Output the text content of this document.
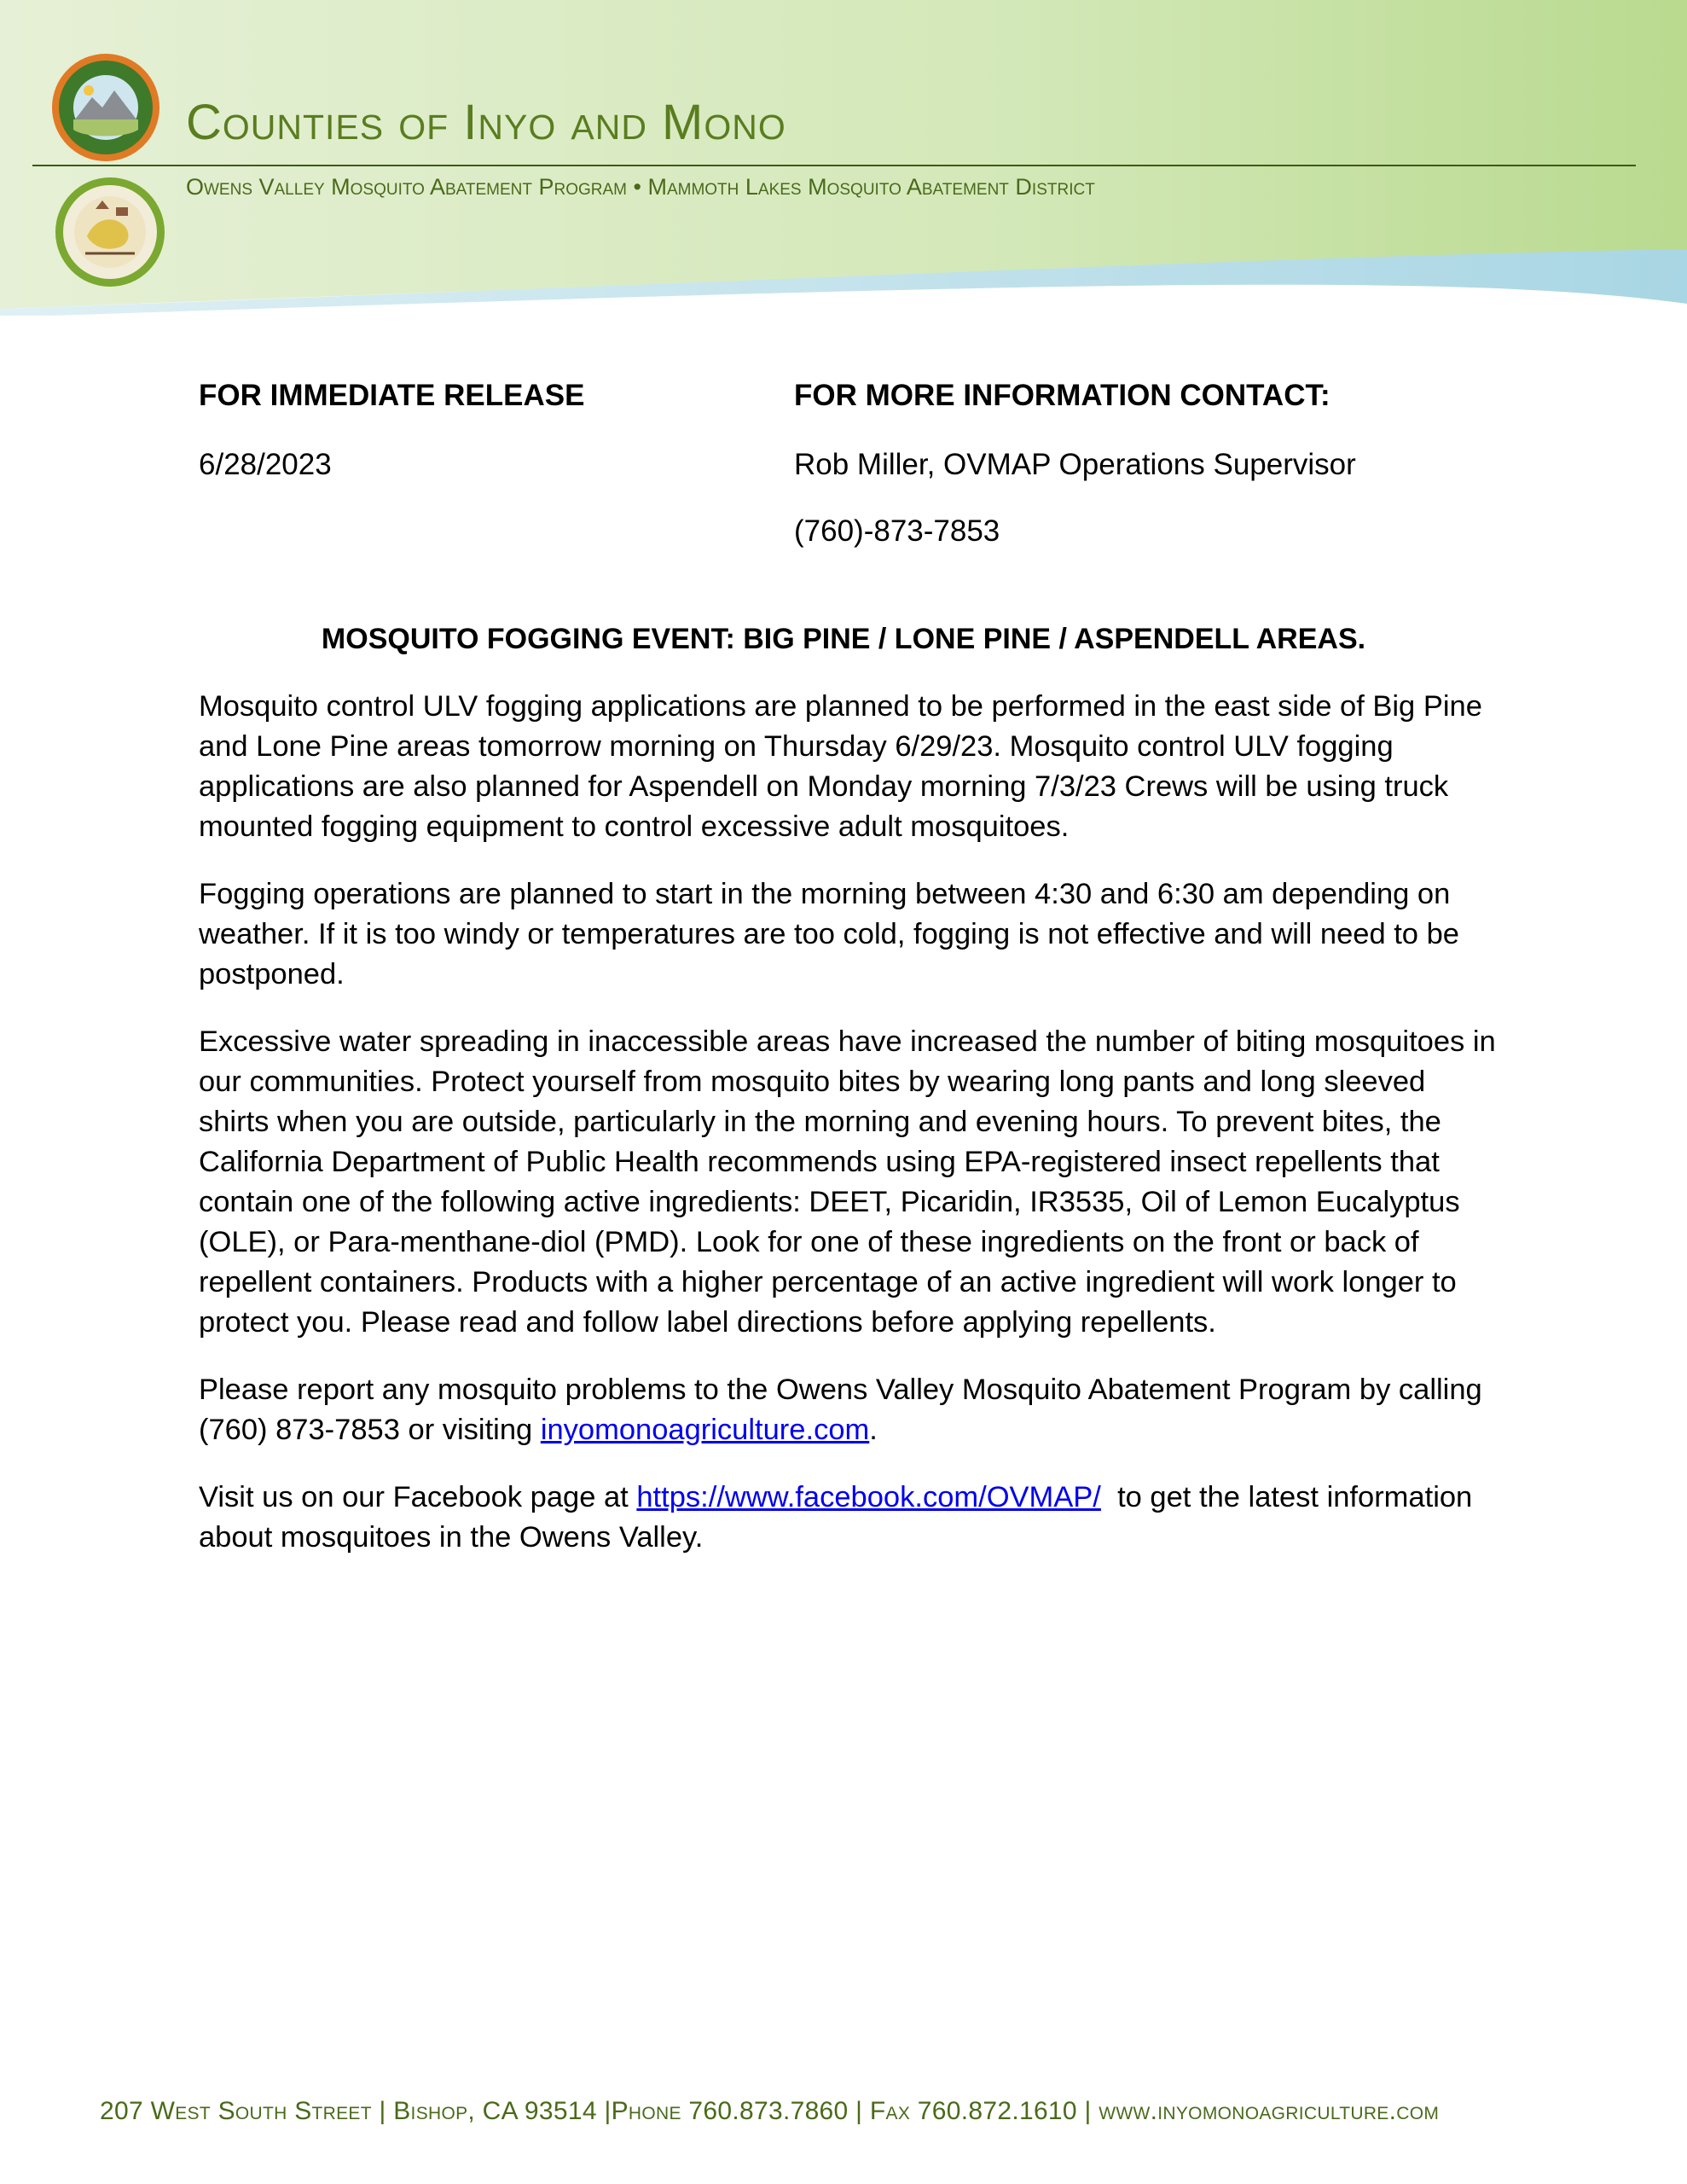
Counties of Inyo and Mono

Owens Valley Mosquito Abatement Program • Mammoth Lakes Mosquito Abatement District

FOR IMMEDIATE RELEASE
6/28/2023
FOR MORE INFORMATION CONTACT:
Rob Miller, OVMAP Operations Supervisor
(760)-873-7853
MOSQUITO FOGGING EVENT: BIG PINE / LONE PINE / ASPENDELL AREAS.

Mosquito control ULV fogging applications are planned to be performed in the east side of Big Pine and Lone Pine areas tomorrow morning on Thursday 6/29/23. Mosquito control ULV fogging applications are also planned for Aspendell on Monday morning 7/3/23 Crews will be using truck mounted fogging equipment to control excessive adult mosquitoes.

Fogging operations are planned to start in the morning between 4:30 and 6:30 am depending on weather. If it is too windy or temperatures are too cold, fogging is not effective and will need to be postponed.

Excessive water spreading in inaccessible areas have increased the number of biting mosquitoes in our communities. Protect yourself from mosquito bites by wearing long pants and long sleeved shirts when you are outside, particularly in the morning and evening hours. To prevent bites, the California Department of Public Health recommends using EPA-registered insect repellents that contain one of the following active ingredients: DEET, Picaridin, IR3535, Oil of Lemon Eucalyptus (OLE), or Para-menthane-diol (PMD). Look for one of these ingredients on the front or back of repellent containers. Products with a higher percentage of an active ingredient will work longer to protect you. Please read and follow label directions before applying repellents.

Please report any mosquito problems to the Owens Valley Mosquito Abatement Program by calling (760) 873-7853 or visiting inyomonoagriculture.com.

Visit us on our Facebook page at https://www.facebook.com/OVMAP/  to get the latest information about mosquitoes in the Owens Valley.

207 West South Street | Bishop, CA 93514 |Phone 760.873.7860 | Fax 760.872.1610 | www.inyomonoagriculture.com
